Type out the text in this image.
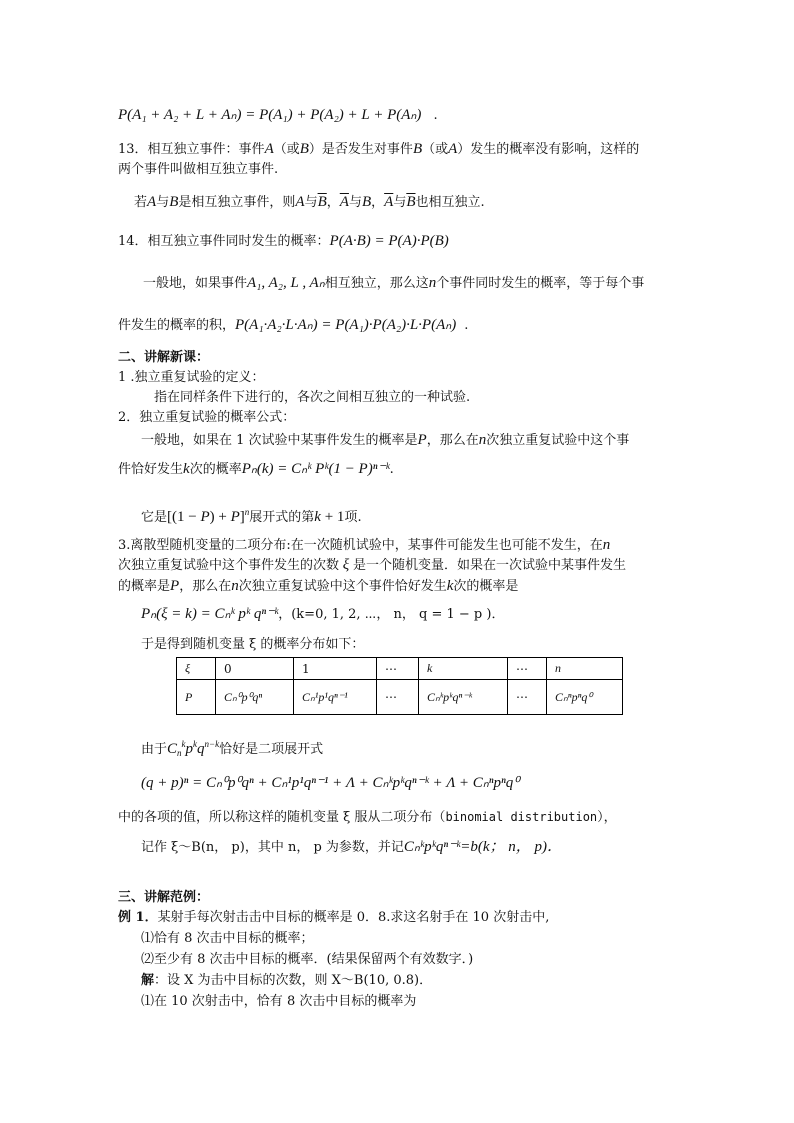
P(A₁ + A₂ + L + Aₙ) = P(A₁) + P(A₂) + L + P(Aₙ) .
13．相互独立事件：事件A（或B）是否发生对事件B（或A）发生的概率没有影响，这样的
两个事件叫做相互独立事件.
若A与B是相互独立事件，则A与$\overline{B}$，$\overline{A}$与B，$\overline{A}$与$\overline{B}$也相互独立.
14．相互独立事件同时发生的概率：P(A·B) = P(A)·P(B)
一般地，如果事件A₁, A₂, L , Aₙ相互独立，那么这n个事件同时发生的概率，等于每个事
件发生的概率的积，P(A₁·A₂·L·Aₙ) = P(A₁)·P(A₂)·L·P(Aₙ) .
二、讲解新课：
1 .独立重复试验的定义：
指在同样条件下进行的，各次之间相互独立的一种试验.
2．独立重复试验的概率公式：
一般地，如果在 1 次试验中某事件发生的概率是P，那么在n次独立重复试验中这个事
件恰好发生k次的概率Pₙ(k) = Cₙᵏ Pᵏ(1 − P)ⁿ⁻ᵏ.
它是$[(1 - P) + P]^n$展开式的第k + 1项.
3.离散型随机变量的二项分布:在一次随机试验中，某事件可能发生也可能不发生，在n
次独立重复试验中这个事件发生的次数 ξ 是一个随机变量．如果在一次试验中某事件发生
的概率是P，那么在n次独立重复试验中这个事件恰好发生k次的概率是
Pₙ(ξ = k) = Cₙᵏ pᵏ qⁿ⁻ᵏ，(k=0, 1, 2, ⋯， n， q = 1 − p )．
于是得到随机变量 ξ 的概率分布如下：
ξ	0	1	⋯	k	⋯	n
P	Cₙ⁰p⁰qⁿ	Cₙ¹p¹qⁿ⁻¹	⋯	Cₙᵏpᵏqⁿ⁻ᵏ	⋯	Cₙⁿpⁿq⁰
由于$C_n^kp^kq^{n-k}$恰好是二项展开式
(q + p)ⁿ = Cₙ⁰p⁰qⁿ + Cₙ¹p¹qⁿ⁻¹ + Λ + Cₙᵏpᵏqⁿ⁻ᵏ + Λ + Cₙⁿpⁿq⁰
中的各项的值，所以称这样的随机变量 ξ 服从二项分布（binomial distribution），
记作 ξ～B(n， p)，其中 n， p 为参数，并记Cₙᵏpᵏqⁿ⁻ᵏ=b(k； n， p)．
三、讲解范例：
例 1．某射手每次射击击中目标的概率是 0．8.求这名射手在 10 次射击中,
⑴恰有 8 次击中目标的概率；
⑵至少有 8 次击中目标的概率．(结果保留两个有效数字．)
解：设 X 为击中目标的次数，则 X～B(10, 0.8)．
⑴在 10 次射击中，恰有 8 次击中目标的概率为
